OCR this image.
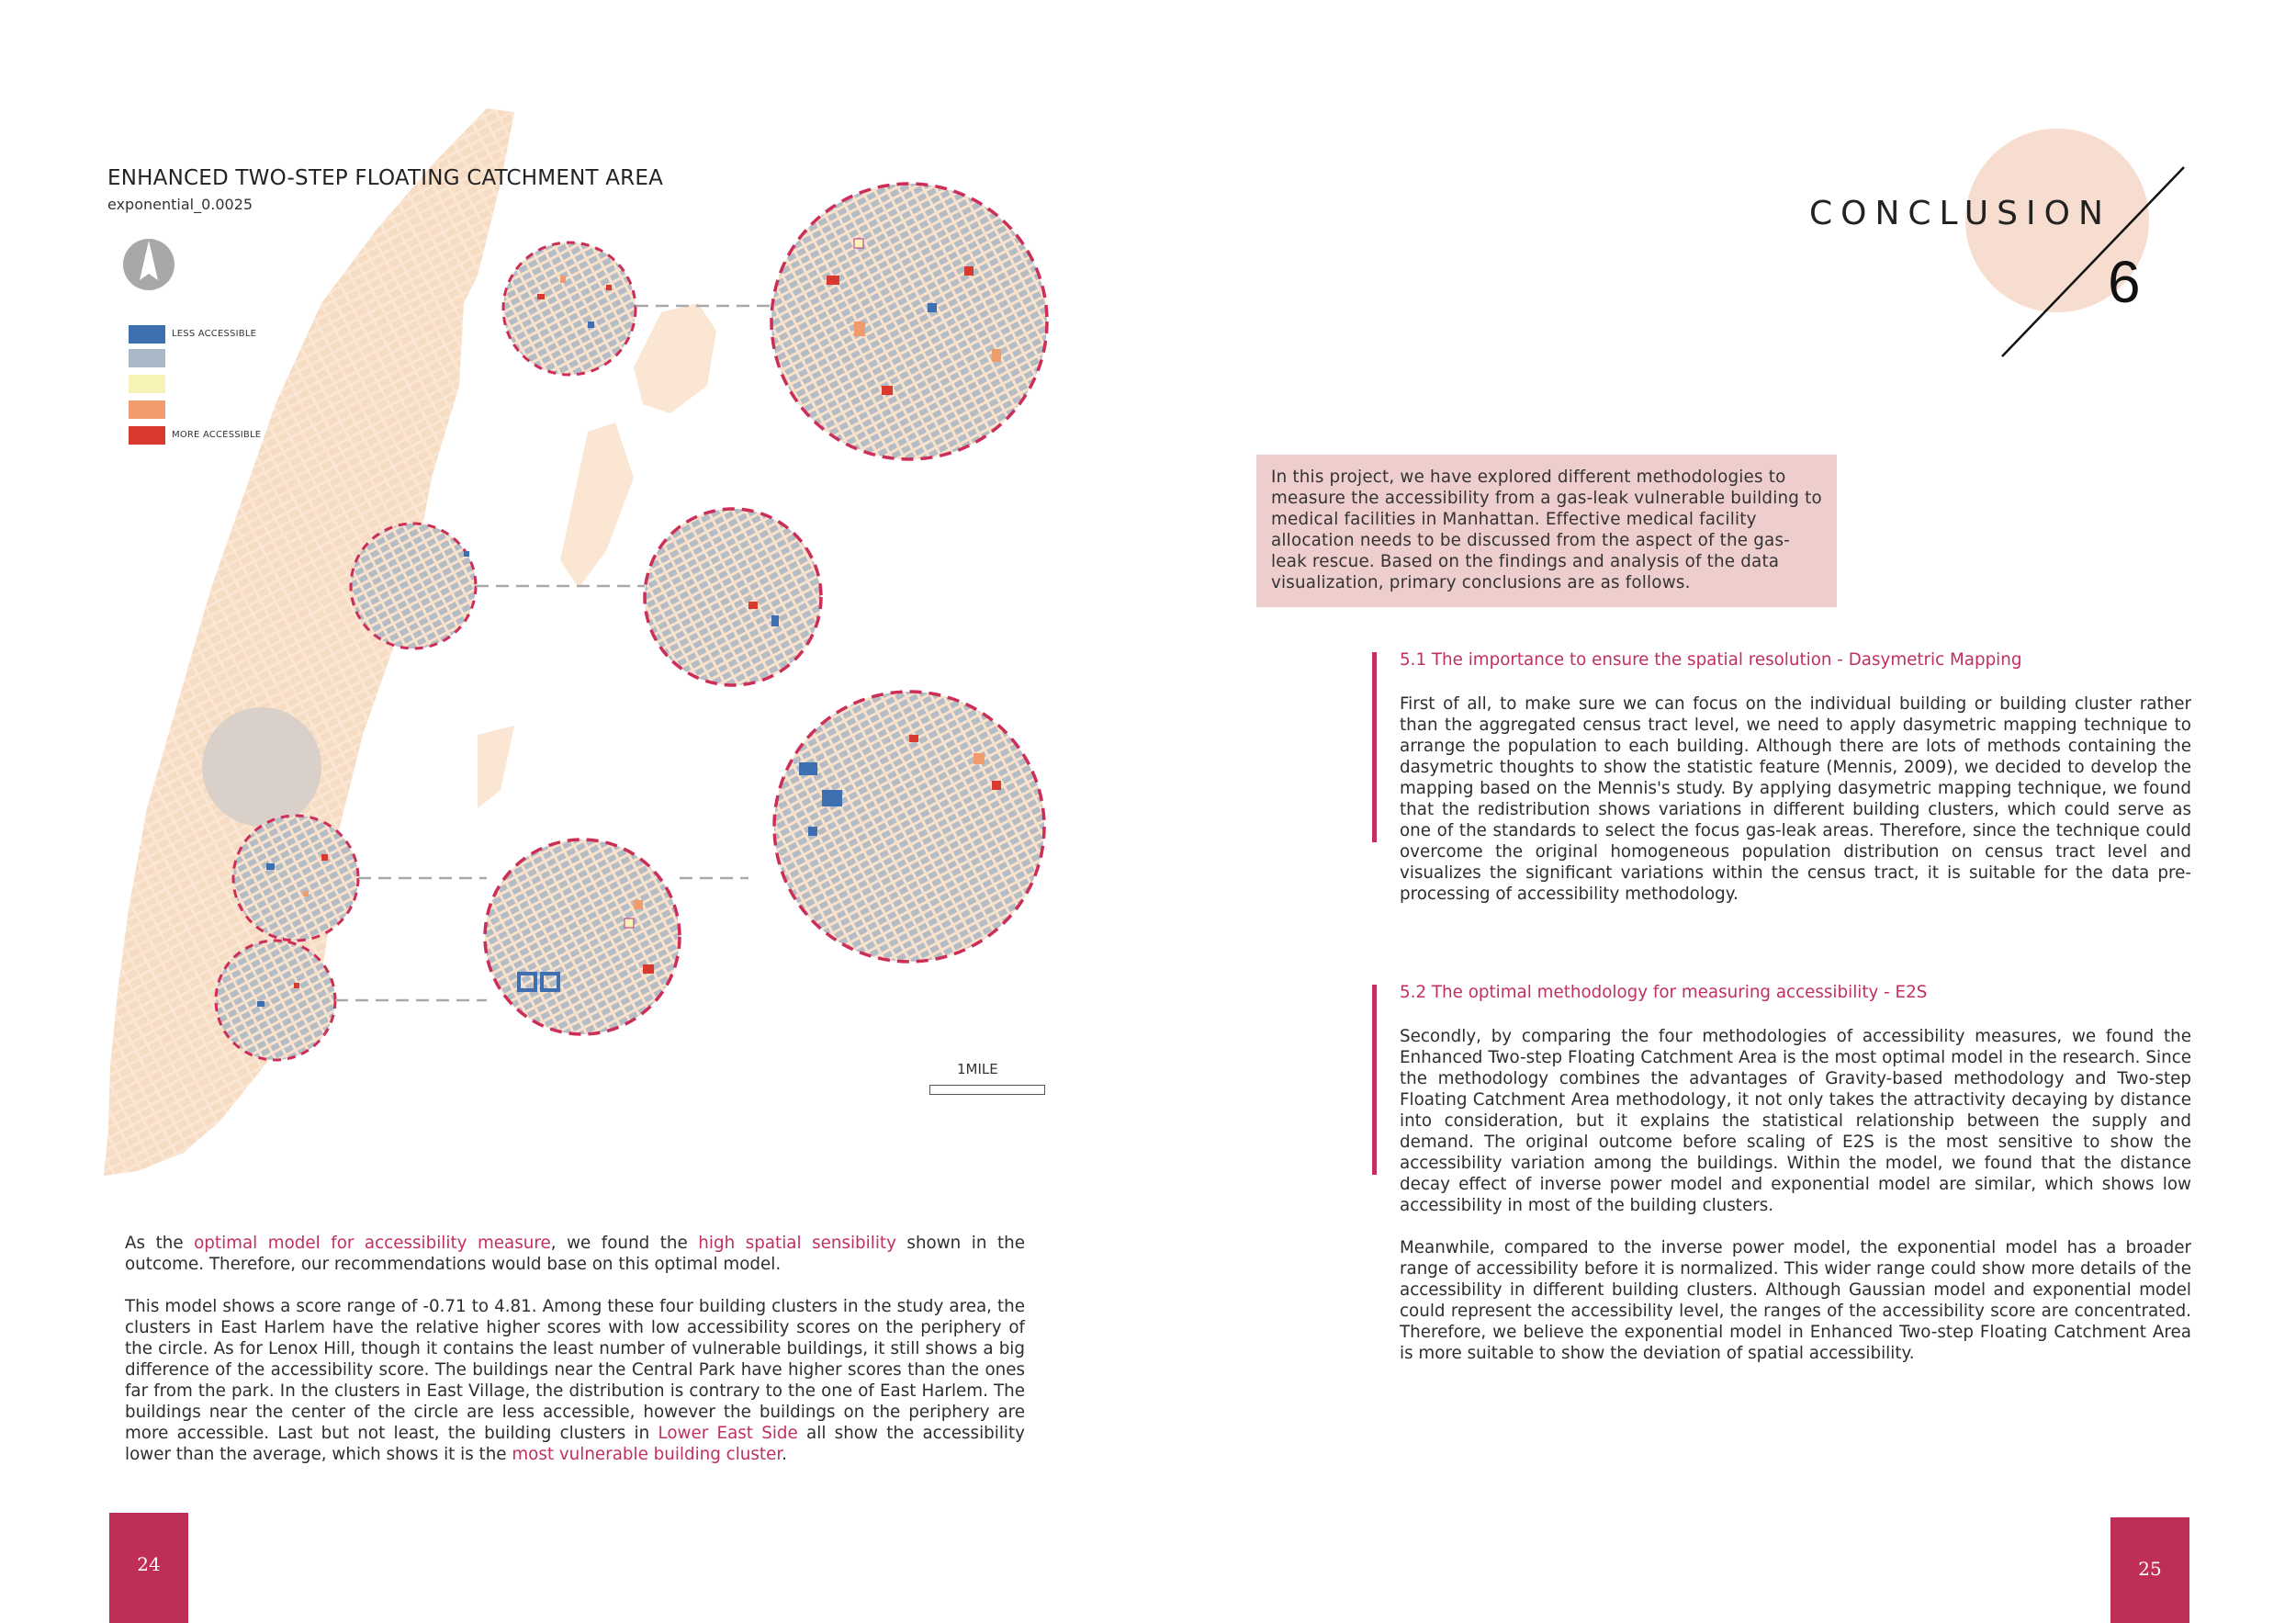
ENHANCED TWO-STEP FLOATING CATCHMENT AREA
exponential_0.0025
LESS ACCESSIBLE
MORE ACCESSIBLE
1MILE
As the optimal model for accessibility measure, we found the high spatial sensibility shown in the outcome. Therefore, our recommendations would base on this optimal model.
This model shows a score range of -0.71 to 4.81. Among these four building clusters in the study area, the clusters in East Harlem have the relative higher scores with low accessibility scores on the periphery of the circle. As for Lenox Hill, though it contains the least number of vulnerable buildings, it still shows a big difference of the accessibility score. The buildings near the Central Park have higher scores than the ones far from the park. In the clusters in East Village, the distribution is contrary to the one of East Harlem. The buildings near the center of the circle are less accessible, however the buildings on the periphery are more accessible. Last but not least, the building clusters in Lower East Side all show the accessibility lower than the average, which shows it is the most vulnerable building cluster.
24
CONCLUSION
6
In this project, we have explored different methodologies to measure the accessibility from a gas-leak vulnerable building to medical facilities in Manhattan. Effective medical facility allocation needs to be discussed from the aspect of the gas-leak rescue. Based on the findings and analysis of the data visualization, primary conclusions are as follows.
5.1 The importance to ensure the spatial resolution - Dasymetric Mapping
First of all, to make sure we can focus on the individual building or building cluster rather than the aggregated census tract level, we need to apply dasymetric mapping technique to arrange the population to each building. Although there are lots of methods containing the dasymetric thoughts to show the statistic feature (Mennis, 2009), we decided to develop the mapping based on the Mennis's study. By applying dasymetric mapping technique, we found that the redistribution shows variations in different building clusters, which could serve as one of the standards to select the focus gas-leak areas. Therefore, since the technique could overcome the original homogeneous population distribution on census tract level and visualizes the significant variations within the census tract, it is suitable for the data pre-processing of accessibility methodology.
5.2 The optimal methodology for measuring accessibility - E2S
Secondly, by comparing the four methodologies of accessibility measures, we found the Enhanced Two-step Floating Catchment Area is the most optimal model in the research. Since the methodology combines the advantages of Gravity-based methodology and Two-step Floating Catchment Area methodology, it not only takes the attractivity decaying by distance into consideration, but it explains the statistical relationship between the supply and demand. The original outcome before scaling of E2S is the most sensitive to show the accessibility variation among the buildings. Within the model, we found that the distance decay effect of inverse power model and exponential model are similar, which shows low accessibility in most of the building clusters.
Meanwhile, compared to the inverse power model, the exponential model has a broader range of accessibility before it is normalized. This wider range could show more details of the accessibility in different building clusters. Although Gaussian model and exponential model could represent the accessibility level, the ranges of the accessibility score are concentrated. Therefore, we believe the exponential model in Enhanced Two-step Floating Catchment Area is more suitable to show the deviation of spatial accessibility.
25
